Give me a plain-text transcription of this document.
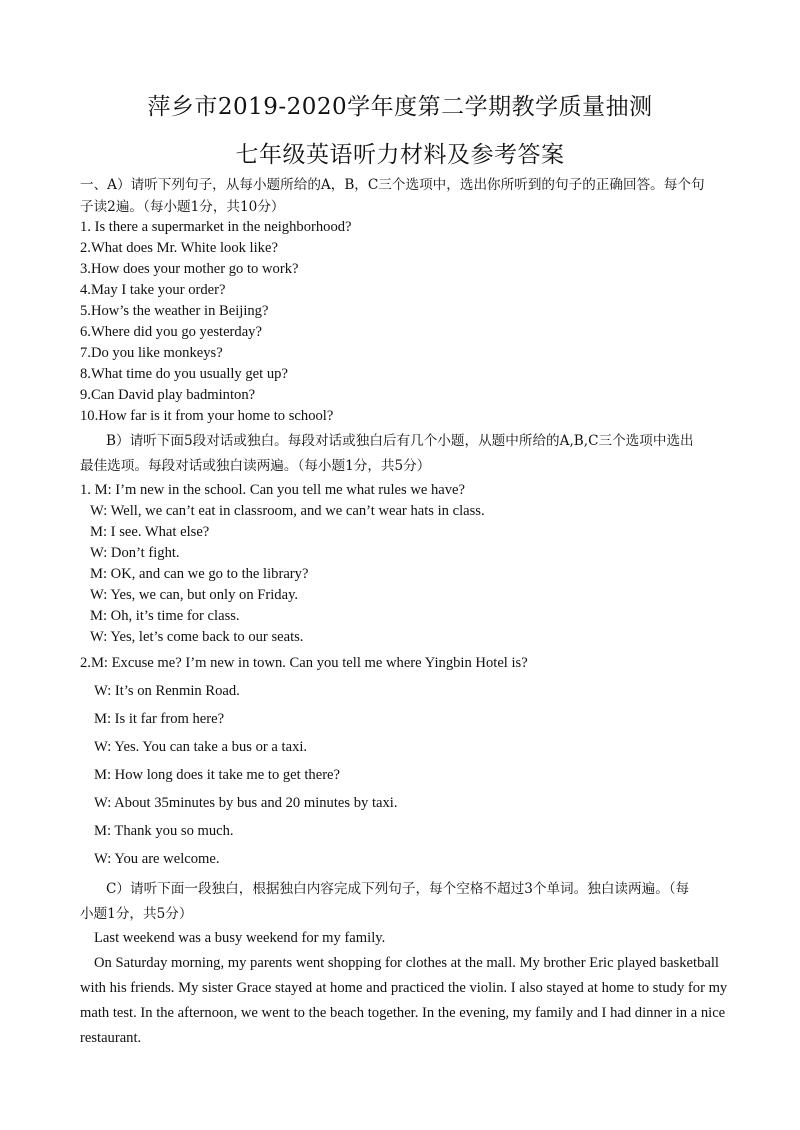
萍乡市2019-2020学年度第二学期教学质量抽测
七年级英语听力材料及参考答案
一、A）请听下列句子，从每小题所给的A，B，C三个选项中，选出你所听到的句子的正确回答。每个句
子读2遍。（每小题1分，共10分）
1. Is there a supermarket in the neighborhood?
2.What does Mr. White look like?
3.How does your mother go to work?
4.May I take your order?
5.How’s the weather in Beijing?
6.Where did you go yesterday?
7.Do you like monkeys?
8.What time do you usually get up?
9.Can David play badminton?
10.How far is it from your home to school?
B）请听下面5段对话或独白。每段对话或独白后有几个小题，从题中所给的A,B,C三个选项中选出
最佳选项。每段对话或独白读两遍。（每小题1分，共5分）
1. M: I’m new in the school. Can you tell me what rules we have?
W: Well, we can’t eat in classroom, and we can’t wear hats in class.
M: I see. What else?
W: Don’t fight.
M: OK, and can we go to the library?
W: Yes, we can, but only on Friday.
M: Oh, it’s time for class.
W: Yes, let’s come back to our seats.
2.M: Excuse me? I’m new in town. Can you tell me where Yingbin Hotel is?
W: It’s on Renmin Road.
M: Is it far from here?
W: Yes. You can take a bus or a taxi.
M: How long does it take me to get there?
W: About 35minutes by bus and 20 minutes by taxi.
M: Thank you so much.
W: You are welcome.
C）请听下面一段独白，根据独白内容完成下列句子，每个空格不超过3个单词。独白读两遍。（每
小题1分，共5分）
Last weekend was a busy weekend for my family.
On Saturday morning, my parents went shopping for clothes at the mall. My brother Eric played basketball
with his friends. My sister Grace stayed at home and practiced the violin. I also stayed at home to study for my
math test. In the afternoon, we went to the beach together. In the evening, my family and I had dinner in a nice
restaurant.
